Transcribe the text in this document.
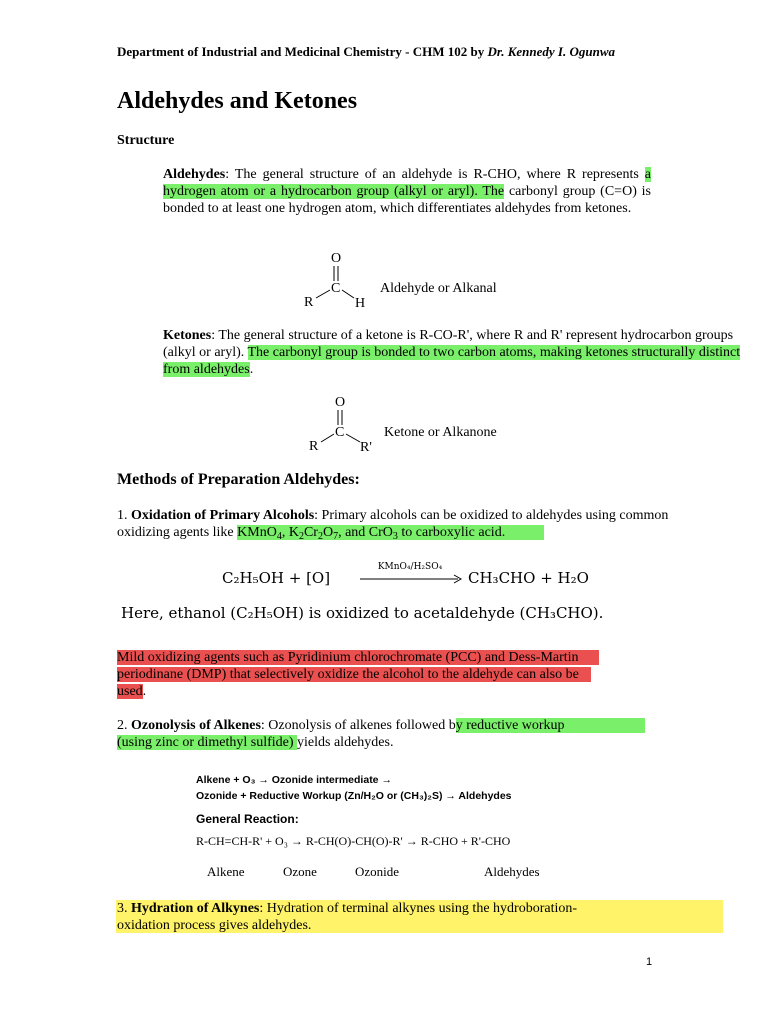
Department of Industrial and Medicinal Chemistry - CHM 102 by Dr. Kennedy I. Ogunwa
Aldehydes and Ketones
Structure
Aldehydes: The general structure of an aldehyde is R-CHO, where R represents a hydrogen atom or a hydrocarbon group (alkyl or aryl). The carbonyl group (C=O) is bonded to at least one hydrogen atom, which differentiates aldehydes from ketones.
O
C
R	H
Aldehyde or Alkanal
Ketones: The general structure of a ketone is R-CO-R', where R and R' represent hydrocarbon groups (alkyl or aryl). The carbonyl group is bonded to two carbon atoms, making ketones structurally distinct from aldehydes.
O
C
R	R'
Ketone or Alkanone
Methods of Preparation Aldehydes:
1. Oxidation of Primary Alcohols: Primary alcohols can be oxidized to aldehydes using common oxidizing agents like KMnO$_4$, $K_2Cr_2O_7$, and CrO$_3$ to carboxylic acid.
C₂H₅OH + [O]
KMnO₄/H₂SO₄
CH₃CHO + H₂O
Here, ethanol (C₂H₅OH) is oxidized to acetaldehyde (CH₃CHO).
Mild oxidizing agents such as Pyridinium chlorochromate (PCC) and Dess-Martin
periodinane (DMP) that selectively oxidize the alcohol to the aldehyde can also be
used.
2. Ozonolysis of Alkenes: Ozonolysis of alkenes followed by reductive workup
(using zinc or dimethyl sulfide) yields aldehydes.
Alkene + O₃ → Ozonide intermediate →
Ozonide + Reductive Workup (Zn/H₂O or (CH₃)₂S) → Aldehydes
General Reaction:
R-CH=CH-R' + O₃ → R-CH(O)-CH(O)-R' → R-CHO + R'-CHO
Alkene	Ozone	Ozonide	Aldehydes
3. Hydration of Alkynes: Hydration of terminal alkynes using the hydroboration-
oxidation process gives aldehydes.
1
